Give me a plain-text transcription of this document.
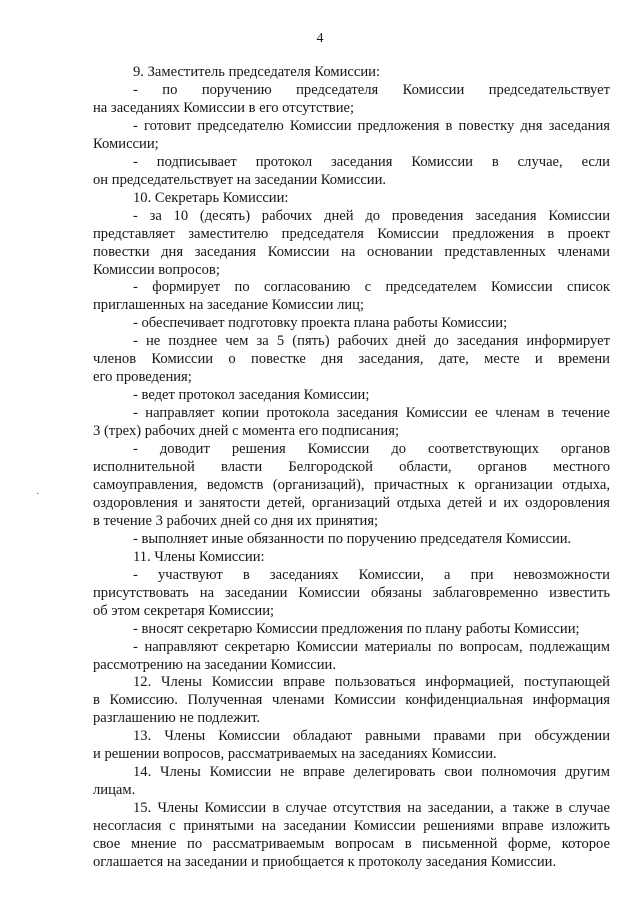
4
9. Заместитель председателя Комиссии:
- по поручению председателя Комиссии председательствует
на заседаниях Комиссии в его отсутствие;
- готовит председателю Комиссии предложения в повестку дня заседания
Комиссии;
- подписывает протокол заседания Комиссии в случае, если
он председательствует на заседании Комиссии.
10. Секретарь Комиссии:
- за 10 (десять) рабочих дней до проведения заседания Комиссии
представляет заместителю председателя Комиссии предложения в проект
повестки дня заседания Комиссии на основании представленных членами
Комиссии вопросов;
- формирует по согласованию с председателем Комиссии список
приглашенных на заседание Комиссии лиц;
- обеспечивает подготовку проекта плана работы Комиссии;
- не позднее чем за 5 (пять) рабочих дней до заседания информирует
членов Комиссии о повестке дня заседания, дате, месте и времени
его проведения;
- ведет протокол заседания Комиссии;
- направляет копии протокола заседания Комиссии ее членам в течение
3 (трех) рабочих дней с момента его подписания;
- доводит решения Комиссии до соответствующих органов
исполнительной власти Белгородской области, органов местного
самоуправления, ведомств (организаций), причастных к организации отдыха,
оздоровления и занятости детей, организаций отдыха детей и их оздоровления
в течение 3 рабочих дней со дня их принятия;
- выполняет иные обязанности по поручению председателя Комиссии.
11. Члены Комиссии:
- участвуют в заседаниях Комиссии, а при невозможности
присутствовать на заседании Комиссии обязаны заблаговременно известить
об этом секретаря Комиссии;
- вносят секретарю Комиссии предложения по плану работы Комиссии;
- направляют секретарю Комиссии материалы по вопросам, подлежащим
рассмотрению на заседании Комиссии.
12. Члены Комиссии вправе пользоваться информацией, поступающей
в Комиссию. Полученная членами Комиссии конфиденциальная информация
разглашению не подлежит.
13. Члены Комиссии обладают равными правами при обсуждении
и решении вопросов, рассматриваемых на заседаниях Комиссии.
14. Члены Комиссии не вправе делегировать свои полномочия другим
лицам.
15. Члены Комиссии в случае отсутствия на заседании, а также в случае
несогласия с принятыми на заседании Комиссии решениями вправе изложить
свое мнение по рассматриваемым вопросам в письменной форме, которое
оглашается на заседании и приобщается к протоколу заседания Комиссии.
·
